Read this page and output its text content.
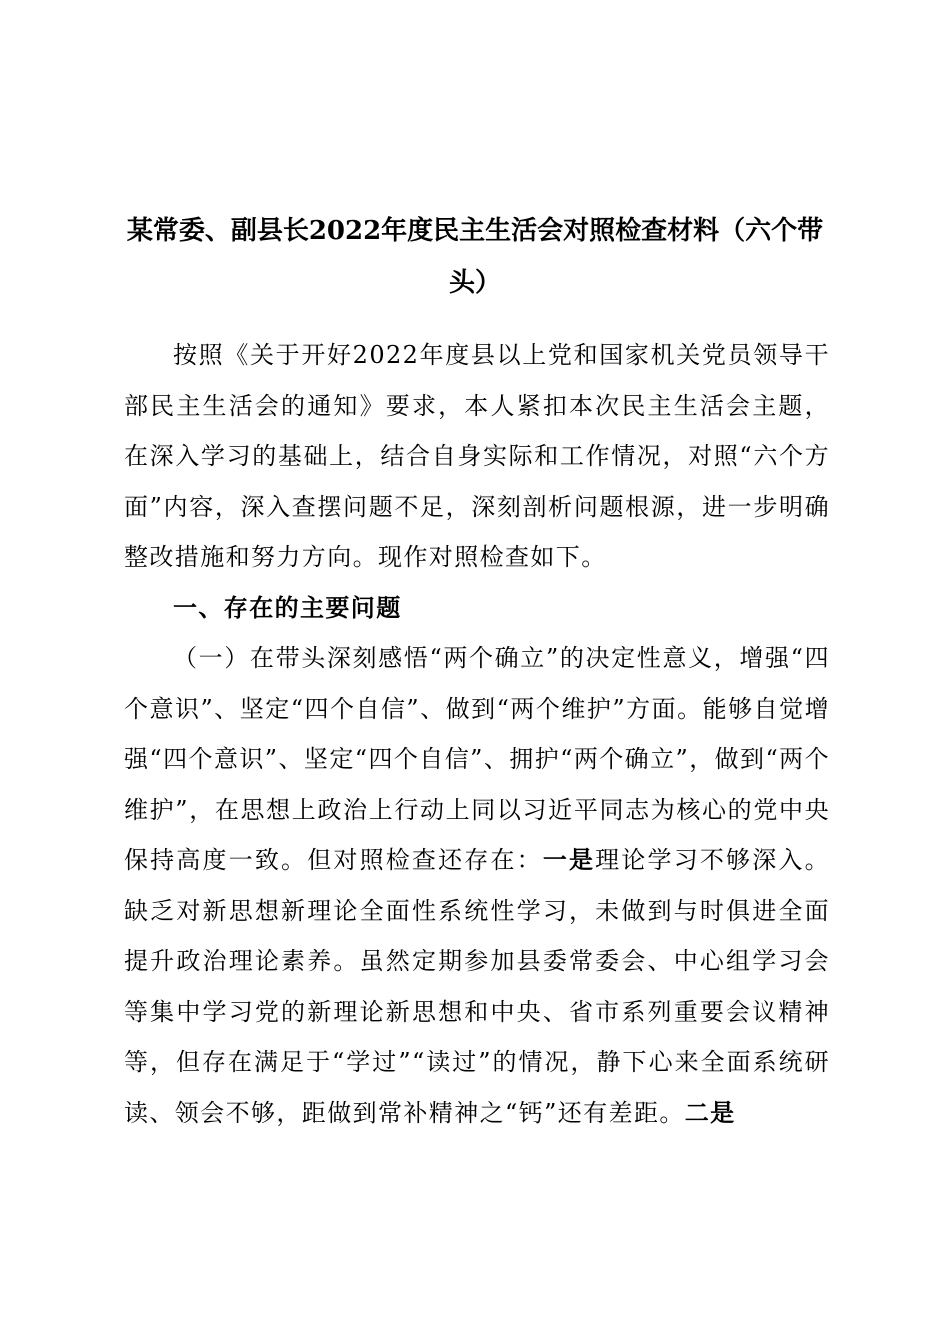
某常委、副县长2022年度民主生活会对照检查材料（六个带头）

按照《关于开好2022年度县以上党和国家机关党员领导干部民主生活会的通知》要求，本人紧扣本次民主生活会主题，在深入学习的基础上，结合自身实际和工作情况，对照“六个方面”内容，深入查摆问题不足，深刻剖析问题根源，进一步明确整改措施和努力方向。现作对照检查如下。

一、存在的主要问题

（一）在带头深刻感悟“两个确立”的决定性意义，增强“四个意识”、坚定“四个自信”、做到“两个维护”方面。能够自觉增强“四个意识”、坚定“四个自信”、拥护“两个确立”，做到“两个维护”，在思想上政治上行动上同以习近平同志为核心的党中央保持高度一致。但对照检查还存在：一是理论学习不够深入。缺乏对新思想新理论全面性系统性学习，未做到与时俱进全面提升政治理论素养。虽然定期参加县委常委会、中心组学习会等集中学习党的新理论新思想和中央、省市系列重要会议精神等，但存在满足于“学过”“读过”的情况，静下心来全面系统研读、领会不够，距做到常补精神之“钙”还有差距。二是
